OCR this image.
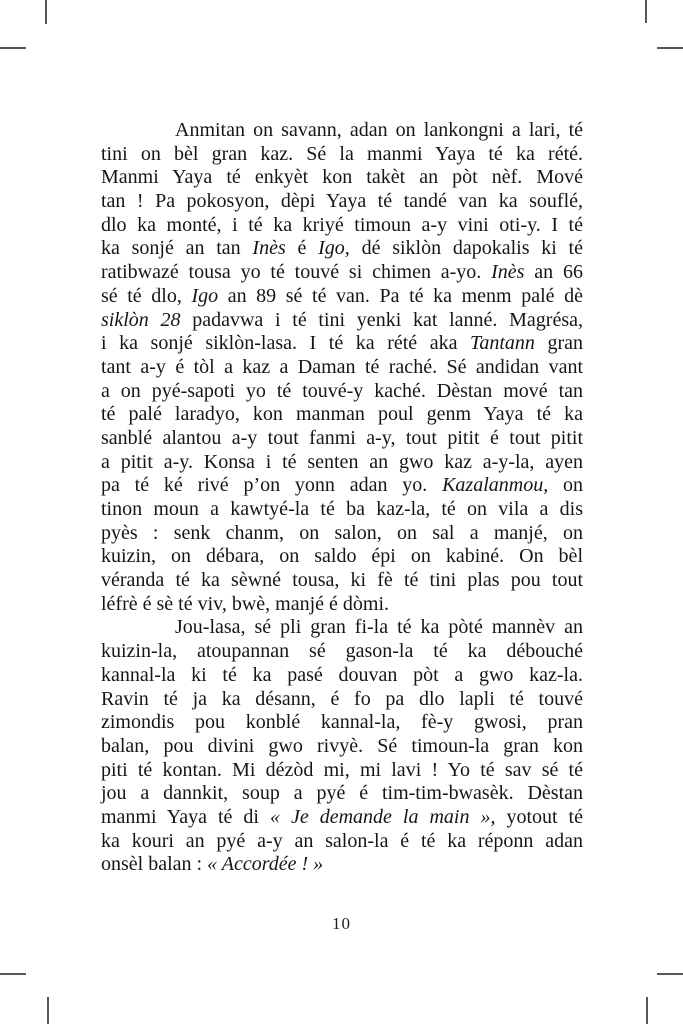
Anmitan on savann, adan on lankongni a lari, té
tini on bèl gran kaz. Sé la manmi Yaya té ka rété.
Manmi Yaya té enkyèt kon takèt an pòt nèf. Mové
tan ! Pa pokosyon, dèpi Yaya té tandé van ka souflé,
dlo ka monté, i té ka kriyé timoun a-y vini oti-y. I té
ka sonjé an tan Inès é Igo, dé siklòn dapokalis ki té
ratibwazé tousa yo té touvé si chimen a-yo. Inès an 66
sé té dlo, Igo an 89 sé té van. Pa té ka menm palé dè
siklòn 28 padavwa i té tini yenki kat lanné. Magrésa,
i ka sonjé siklòn-lasa. I té ka rété aka Tantann gran
tant a-y é tòl a kaz a Daman té raché. Sé andidan vant
a on pyé-sapoti yo té touvé-y kaché. Dèstan mové tan
té palé laradyo, kon manman poul genm Yaya té ka
sanblé alantou a-y tout fanmi a-y, tout pitit é tout pitit
a pitit a-y. Konsa i té senten an gwo kaz a-y-la, ayen
pa té ké rivé p’on yonn adan yo. Kazalanmou, on
tinon moun a kawtyé-la té ba kaz-la, té on vila a dis
pyès : senk chanm, on salon, on sal a manjé, on
kuizin, on débara, on saldo épi on kabiné. On bèl
véranda té ka sèwné tousa, ki fè té tini plas pou tout
léfrè é sè té viv, bwè, manjé é dòmi.
Jou-lasa, sé pli gran fi-la té ka pòté mannèv an
kuizin-la, atoupannan sé gason-la té ka débouché
kannal-la ki té ka pasé douvan pòt a gwo kaz-la.
Ravin té ja ka désann, é fo pa dlo lapli té touvé
zimondis pou konblé kannal-la, fè-y gwosi, pran
balan, pou divini gwo rivyè. Sé timoun-la gran kon
piti té kontan. Mi dézòd mi, mi lavi ! Yo té sav sé té
jou a dannkit, soup a pyé é tim-tim-bwasèk. Dèstan
manmi Yaya té di « Je demande la main », yotout té
ka kouri an pyé a-y an salon-la é té ka réponn adan
onsèl balan : « Accordée ! »
10
